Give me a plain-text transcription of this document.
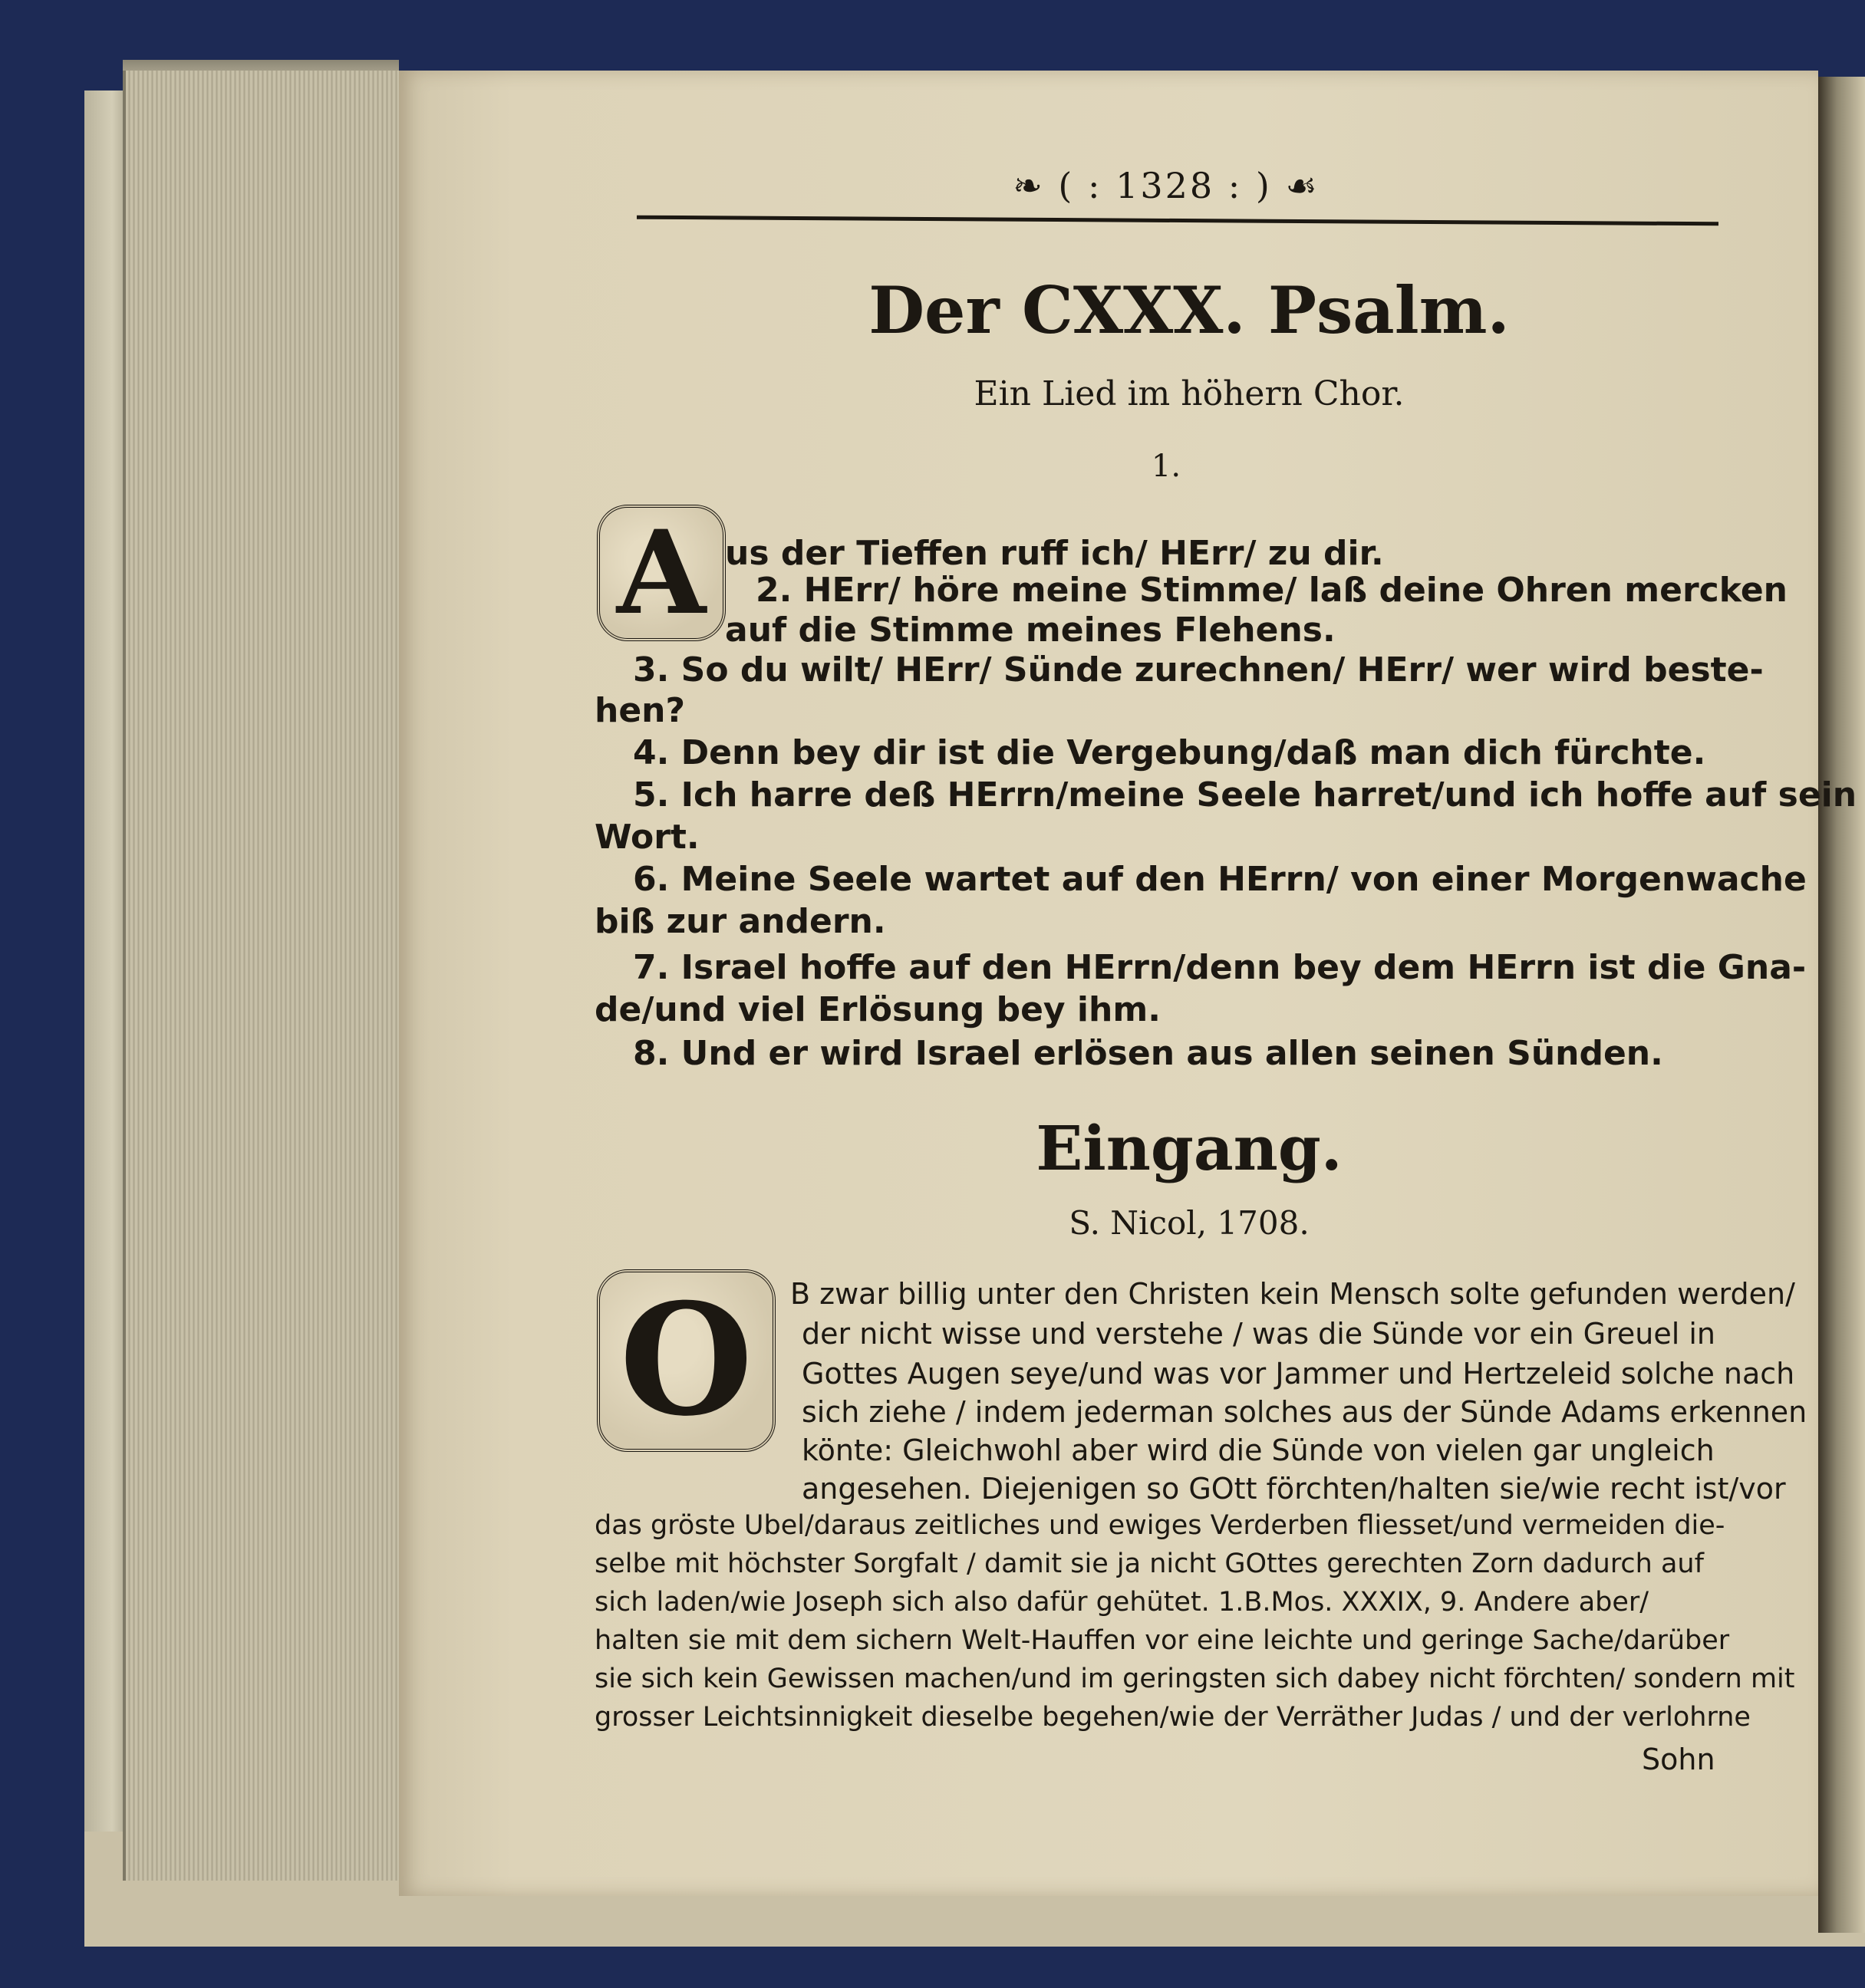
❧ ( : 1328 : ) ☙
Der CXXX. Psalm.
Ein Lied im höhern Chor.
1.
A us der Tieffen ruff ich/ HErr/ zu dir.
2. HErr/ höre meine Stimme/ laß deine Ohren mercken
auf die Stimme meines Flehens.
3. So du wilt/ HErr/ Sünde zurechnen/ HErr/ wer wird beste-
hen?
4. Denn bey dir ist die Vergebung/daß man dich fürchte.
5. Ich harre deß HErrn/meine Seele harret/und ich hoffe auf sein
Wort.
6. Meine Seele wartet auf den HErrn/ von einer Morgenwache
biß zur andern.
7. Israel hoffe auf den HErrn/denn bey dem HErrn ist die Gna-
de/und viel Erlösung bey ihm.
8. Und er wird Israel erlösen aus allen seinen Sünden.
Eingang.
S. Nicol, 1708.
O	B zwar billig unter den Christen kein Mensch solte gefunden werden/
der nicht wisse und verstehe / was die Sünde vor ein Greuel in
Gottes Augen seye/und was vor Jammer und Hertzeleid solche nach
sich ziehe / indem jederman solches aus der Sünde Adams erkennen
könte: Gleichwohl aber wird die Sünde von vielen gar ungleich
angesehen. Diejenigen so GOtt förchten/halten sie/wie recht ist/vor
das gröste Ubel/daraus zeitliches und ewiges Verderben fliesset/und vermeiden die-
selbe mit höchster Sorgfalt / damit sie ja nicht GOttes gerechten Zorn dadurch auf
sich laden/wie Joseph sich also dafür gehütet. 1.B.Mos. XXXIX, 9. Andere aber/
halten sie mit dem sichern Welt-Hauffen vor eine leichte und geringe Sache/darüber
sie sich kein Gewissen machen/und im geringsten sich dabey nicht förchten/ sondern mit
grosser Leichtsinnigkeit dieselbe begehen/wie der Verräther Judas / und der verlohrne
Sohn
